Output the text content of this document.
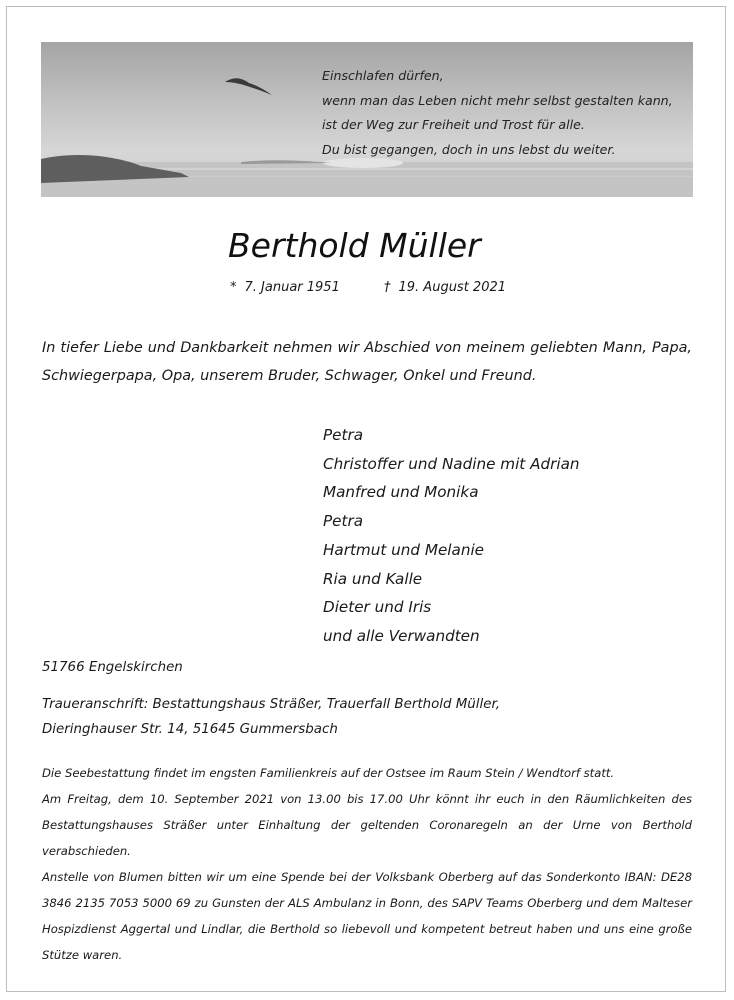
Einschlafen dürfen,
wenn man das Leben nicht mehr selbst gestalten kann,
ist der Weg zur Freiheit und Trost für alle.
Du bist gegangen, doch in uns lebst du weiter.
Berthold Müller
* 7. Januar 1951	† 19. August 2021
In tiefer Liebe und Dankbarkeit nehmen wir Abschied von meinem geliebten Mann, Papa, Schwiegerpapa, Opa, unserem Bruder, Schwager, Onkel und Freund.
Petra
Christoffer und Nadine mit Adrian
Manfred und Monika
Petra
Hartmut und Melanie
Ria und Kalle
Dieter und Iris
und alle Verwandten
51766 Engelskirchen
Traueranschrift: Bestattungshaus Sträßer, Trauerfall Berthold Müller,
Dieringhauser Str. 14, 51645 Gummersbach

Die Seebestattung findet im engsten Familienkreis auf der Ostsee im Raum Stein / Wendtorf statt.

Am Freitag, dem 10. September 2021 von 13.00 bis 17.00 Uhr könnt ihr euch in den Räumlichkeiten des Bestattungshauses Sträßer unter Einhaltung der geltenden Coronaregeln an der Urne von Berthold verabschieden.

Anstelle von Blumen bitten wir um eine Spende bei der Volksbank Oberberg auf das Sonderkonto IBAN: DE28 3846 2135 7053 5000 69 zu Gunsten der ALS Ambulanz in Bonn, des SAPV Teams Oberberg und dem Malteser Hospizdienst Aggertal und Lindlar, die Berthold so liebevoll und kompetent betreut haben und uns eine große Stütze waren.
